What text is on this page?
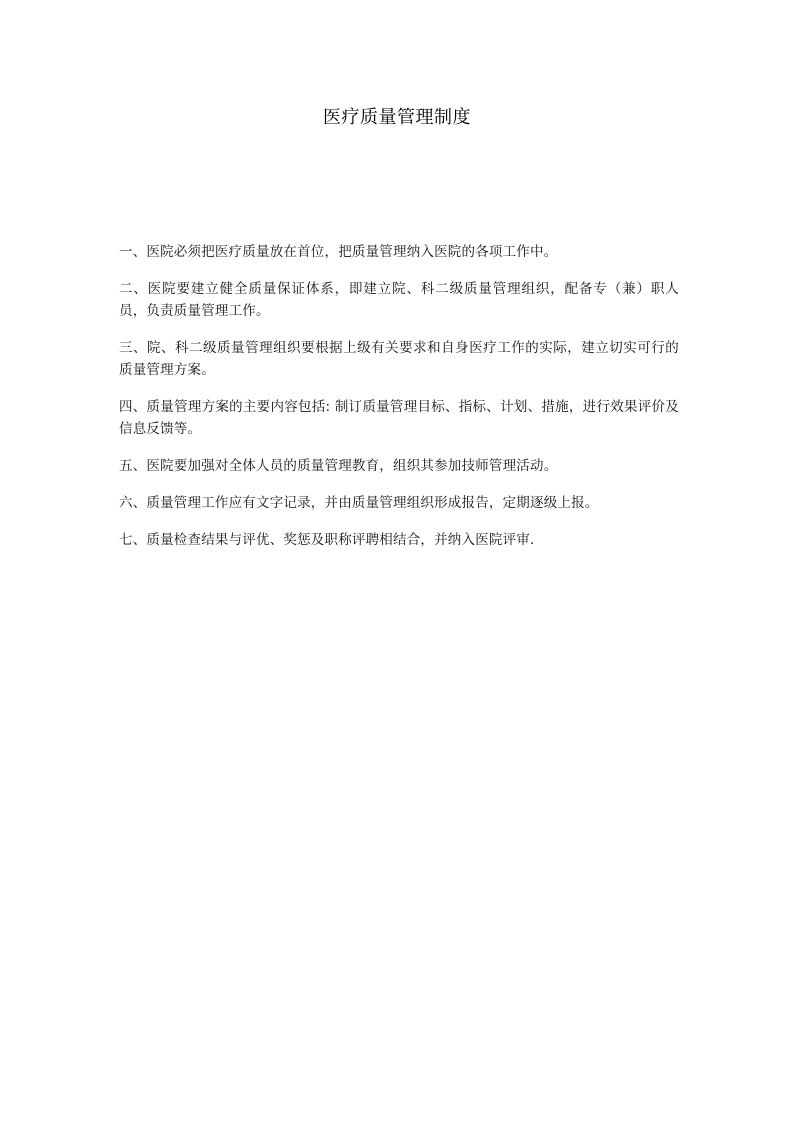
医疗质量管理制度

一、医院必须把医疗质量放在首位，把质量管理纳入医院的各项工作中。

二、医院要建立健全质量保证体系，即建立院、科二级质量管理组织，配备专（兼）职人员，负责质量管理工作。

三、院、科二级质量管理组织要根据上级有关要求和自身医疗工作的实际，建立切实可行的质量管理方案。

四、质量管理方案的主要内容包括: 制订质量管理目标、指标、计划、措施，进行效果评价及信息反馈等。

五、医院要加强对全体人员的质量管理教育，组织其参加技师管理活动。

六、质量管理工作应有文字记录，并由质量管理组织形成报告，定期逐级上报。

七、质量检查结果与评优、奖惩及职称评聘相结合，并纳入医院评审.
